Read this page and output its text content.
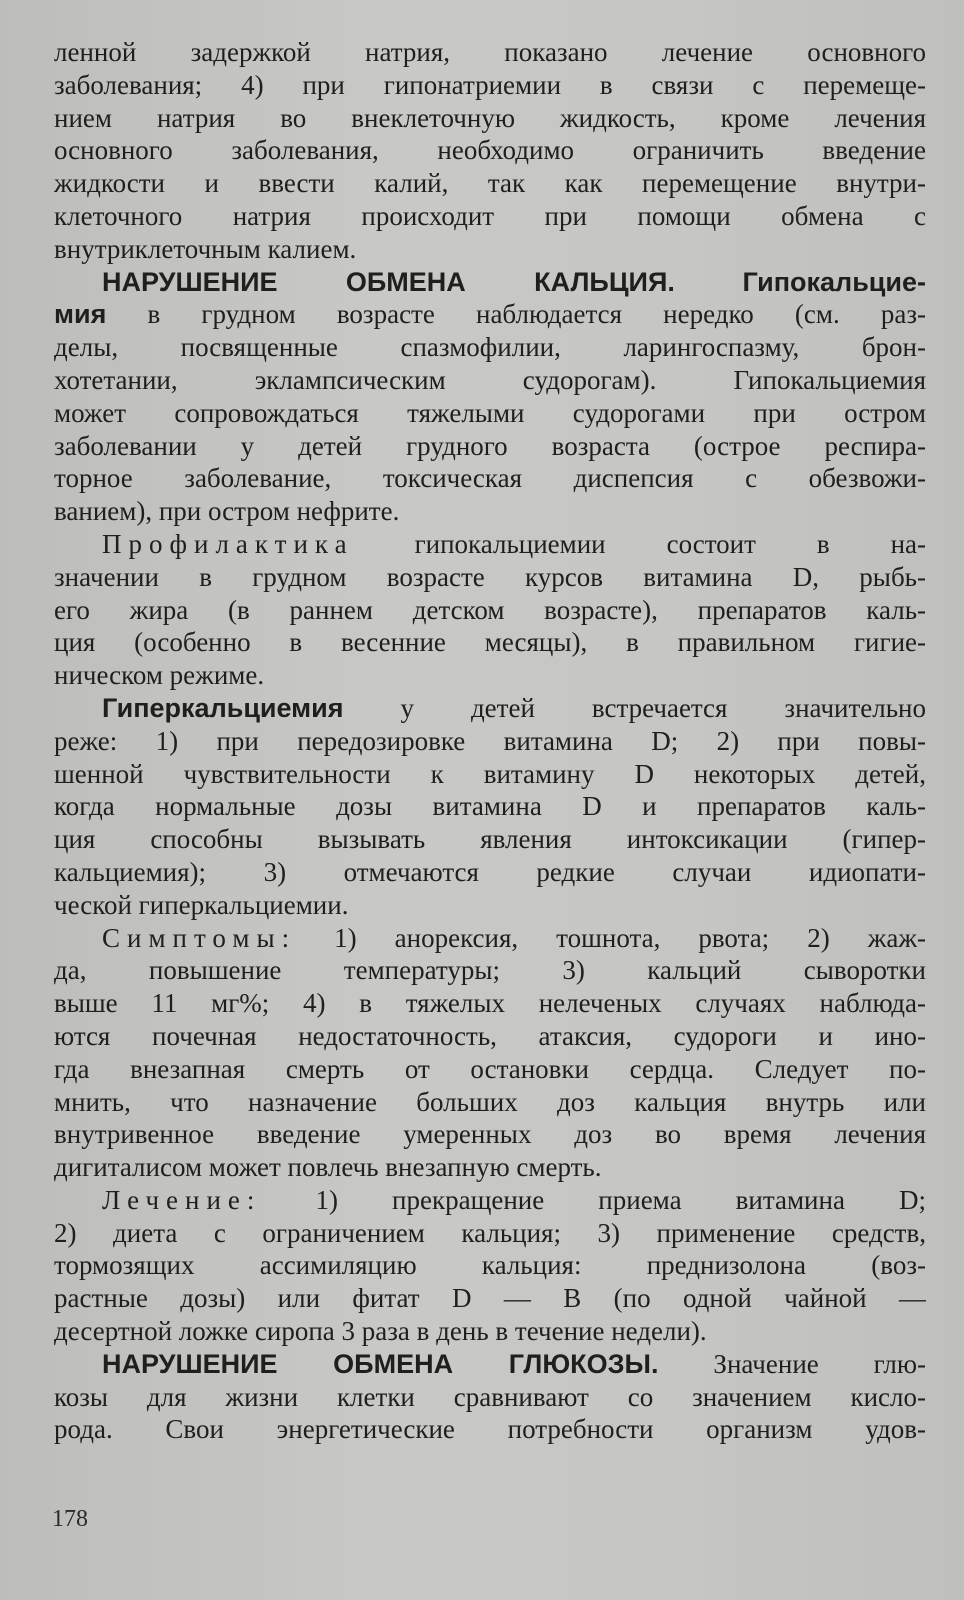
ленной задержкой натрия, показано лечение основного
заболевания; 4) при гипонатриемии в связи с перемеще-
нием натрия во внеклеточную жидкость, кроме лечения
основного заболевания, необходимо ограничить введение
жидкости и ввести калий, так как перемещение внутри-
клеточного натрия происходит при помощи обмена с
внутриклеточным калием.
НАРУШЕНИЕ ОБМЕНА КАЛЬЦИЯ.	Гипокальцие-
мия в грудном возрасте наблюдается нередко (см. раз-
делы, посвященные спазмофилии, ларингоспазму, брон-
хотетании, эклампсическим судорогам). Гипокальциемия
может сопровождаться тяжелыми судорогами при остром
заболевании у детей грудного возраста (острое респира-
торное заболевание, токсическая диспепсия с обезвожи-
ванием), при остром нефрите.
Профилактика гипокальциемии состоит в на-
значении в грудном возрасте курсов витамина D, рыбь-
его жира (в раннем детском возрасте), препаратов каль-
ция (особенно в весенние месяцы), в правильном гигие-
ническом режиме.
Гиперкальциемия у детей встречается значительно
реже: 1) при передозировке витамина D; 2) при повы-
шенной чувствительности к витамину D некоторых детей,
когда нормальные дозы витамина D и препаратов каль-
ция способны вызывать явления интоксикации (гипер-
кальциемия); 3) отмечаются редкие случаи идиопати-
ческой гиперкальциемии.
Симптомы: 1) анорексия, тошнота, рвота; 2) жаж-
да, повышение температуры; 3) кальций сыворотки
выше 11 мг%; 4) в тяжелых нелеченых случаях наблюда-
ются почечная недостаточность, атаксия, судороги и ино-
гда внезапная смерть от остановки сердца. Следует по-
мнить, что назначение больших доз кальция внутрь или
внутривенное введение умеренных доз во время лечения
дигиталисом может повлечь внезапную смерть.
Лечение: 1) прекращение приема витамина D;
2) диета с ограничением кальция; 3) применение средств,
тормозящих ассимиляцию кальция: преднизолона (воз-
растные дозы) или фитат D — B (по одной чайной —
десертной ложке сиропа 3 раза в день в течение недели).
НАРУШЕНИЕ ОБМЕНА ГЛЮКОЗЫ. Значение глю-
козы для жизни клетки сравнивают со значением кисло-
рода. Свои энергетические потребности организм удов-
178
